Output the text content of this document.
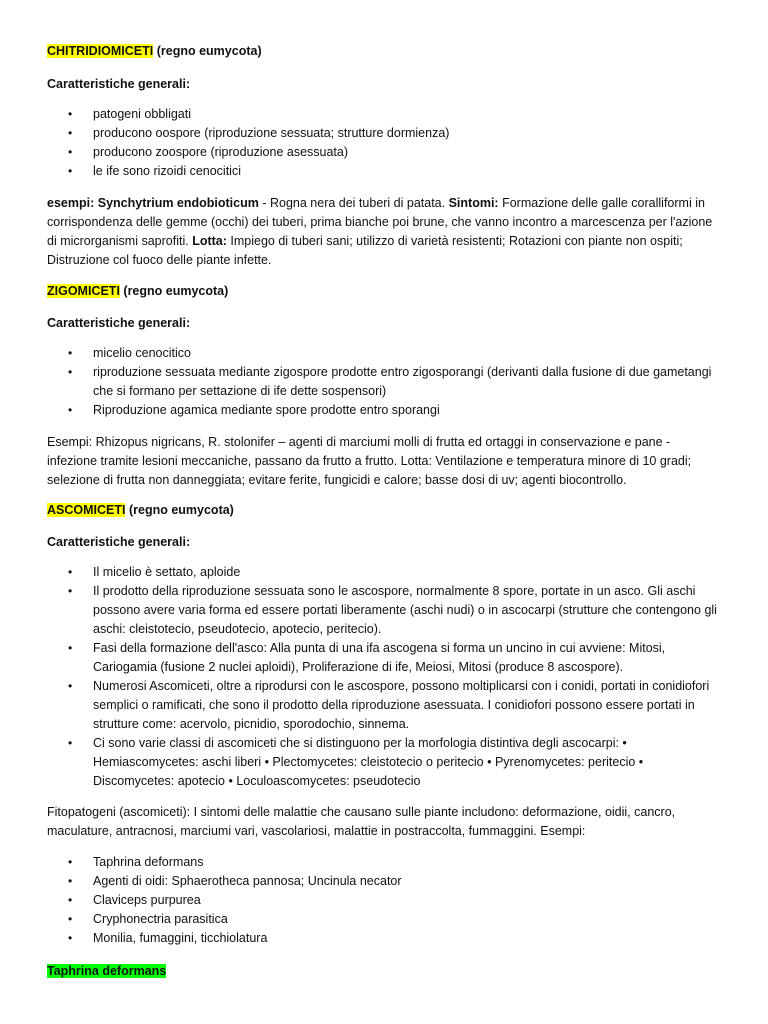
CHITRIDIOMICETI (regno eumycota)
Caratteristiche generali:
• patogeni obbligati
• producono oospore (riproduzione sessuata; strutture dormienza)
• producono zoospore (riproduzione asessuata)
• le ife sono rizoidi cenocitici
esempi: Synchytrium endobioticum - Rogna nera dei tuberi di patata. Sintomi: Formazione delle galle coralliformi in corrispondenza delle gemme (occhi) dei tuberi, prima bianche poi brune, che vanno incontro a marcescenza per l'azione di microrganismi saprofiti. Lotta: Impiego di tuberi sani; utilizzo di varietà resistenti; Rotazioni con piante non ospiti; Distruzione col fuoco delle piante infette.
ZIGOMICETI (regno eumycota)
Caratteristiche generali:
• micelio cenocitico
• riproduzione sessuata mediante zigospore prodotte entro zigosporangi (derivanti dalla fusione di due gametangi che si formano per settazione di ife dette sospensori)
• Riproduzione agamica mediante spore prodotte entro sporangi
Esempi: Rhizopus nigricans, R. stolonifer – agenti di marciumi molli di frutta ed ortaggi in conservazione e pane - infezione tramite lesioni meccaniche, passano da frutto a frutto. Lotta: Ventilazione e temperatura minore di 10 gradi; selezione di frutta non danneggiata; evitare ferite, fungicidi e calore; basse dosi di uv; agenti biocontrollo.
ASCOMICETI (regno eumycota)
Caratteristiche generali:
• Il micelio è settato, aploide
• Il prodotto della riproduzione sessuata sono le ascospore, normalmente 8 spore, portate in un asco. Gli aschi possono avere varia forma ed essere portati liberamente (aschi nudi) o in ascocarpi (strutture che contengono gli aschi: cleistotecio, pseudotecio, apotecio, peritecio).
• Fasi della formazione dell'asco: Alla punta di una ifa ascogena si forma un uncino in cui avviene: Mitosi, Cariogamia (fusione 2 nuclei aploidi), Proliferazione di ife, Meiosi, Mitosi (produce 8 ascospore).
• Numerosi Ascomiceti, oltre a riprodursi con le ascospore, possono moltiplicarsi con i conidi, portati in conidiofori semplici o ramificati, che sono il prodotto della riproduzione asessuata. I conidiofori possono essere portati in strutture come: acervolo, picnidio, sporodochio, sinnema.
• Ci sono varie classi di ascomiceti che si distinguono per la morfologia distintiva degli ascocarpi: • Hemiascomycetes: aschi liberi • Plectomycetes: cleistotecio o peritecio • Pyrenomycetes: peritecio • Discomycetes: apotecio • Loculoascomycetes: pseudotecio
Fitopatogeni (ascomiceti): I sintomi delle malattie che causano sulle piante includono: deformazione, oidii, cancro, maculature, antracnosi, marciumi vari, vascolariosi, malattie in postraccolta, fummaggini. Esempi:
• Taphrina deformans
• Agenti di oidi: Sphaerotheca pannosa; Uncinula necator
• Claviceps purpurea
• Cryphonectria parasitica
• Monilia, fumaggini, ticchiolatura
Taphrina deformans
